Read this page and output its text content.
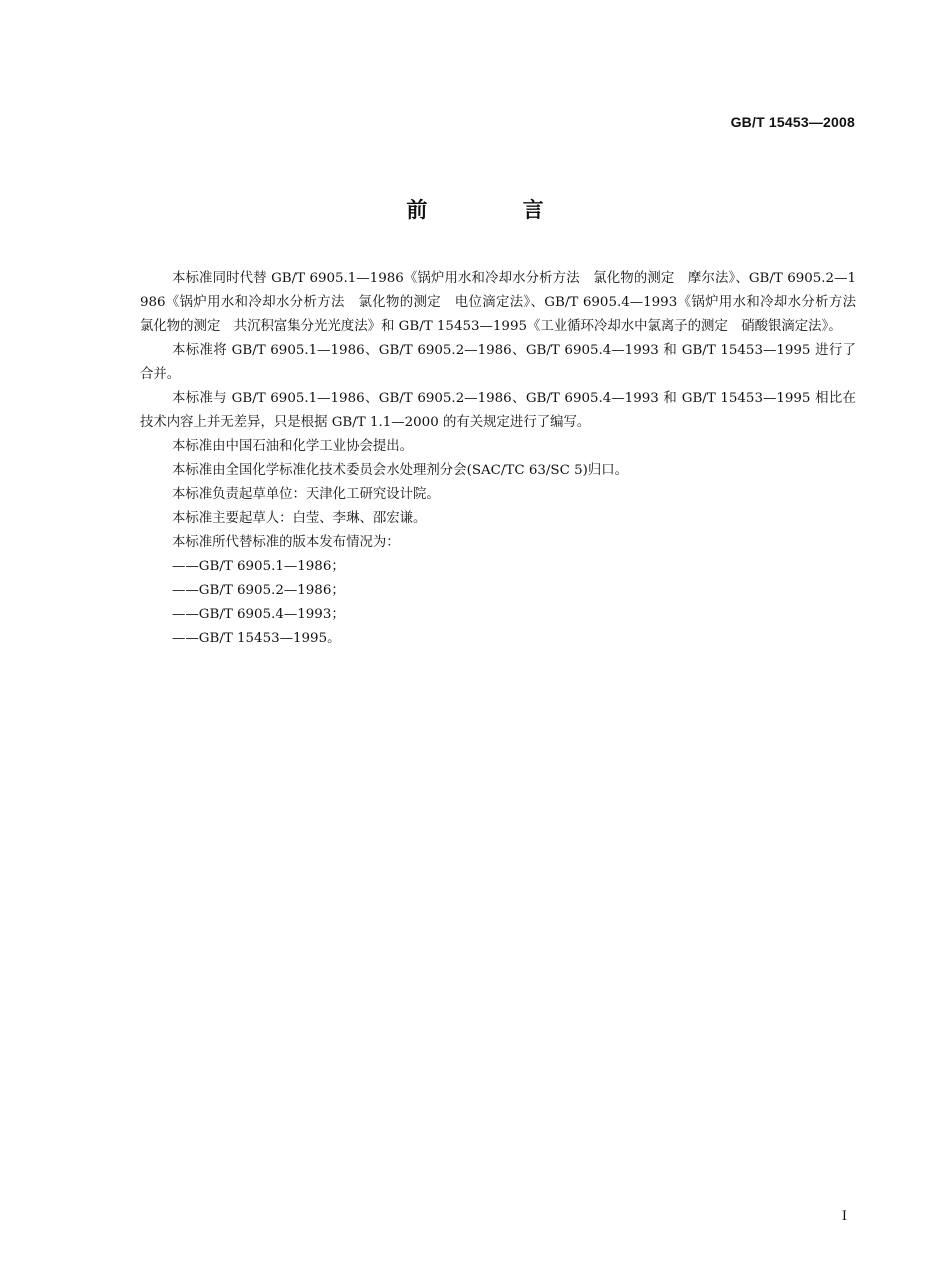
GB/T 15453—2008
前 言

本标准同时代替 GB/T 6905.1—1986《锅炉用水和冷却水分析方法　氯化物的测定　摩尔法》、GB/T 6905.2—1986《锅炉用水和冷却水分析方法　氯化物的测定　电位滴定法》、GB/T 6905.4—1993《锅炉用水和冷却水分析方法　氯化物的测定　共沉积富集分光光度法》和 GB/T 15453—1995《工业循环冷却水中氯离子的测定　硝酸银滴定法》。

本标准将 GB/T 6905.1—1986、GB/T 6905.2—1986、GB/T 6905.4—1993 和 GB/T 15453—1995 进行了合并。

本标准与 GB/T 6905.1—1986、GB/T 6905.2—1986、GB/T 6905.4—1993 和 GB/T 15453—1995 相比在技术内容上并无差异，只是根据 GB/T 1.1—2000 的有关规定进行了编写。

本标准由中国石油和化学工业协会提出。

本标准由全国化学标准化技术委员会水处理剂分会(SAC/TC 63/SC 5)归口。

本标准负责起草单位：天津化工研究设计院。

本标准主要起草人：白莹、李琳、邵宏谦。

本标准所代替标准的版本发布情况为：

——GB/T 6905.1—1986；

——GB/T 6905.2—1986；

——GB/T 6905.4—1993；

——GB/T 15453—1995。

I
